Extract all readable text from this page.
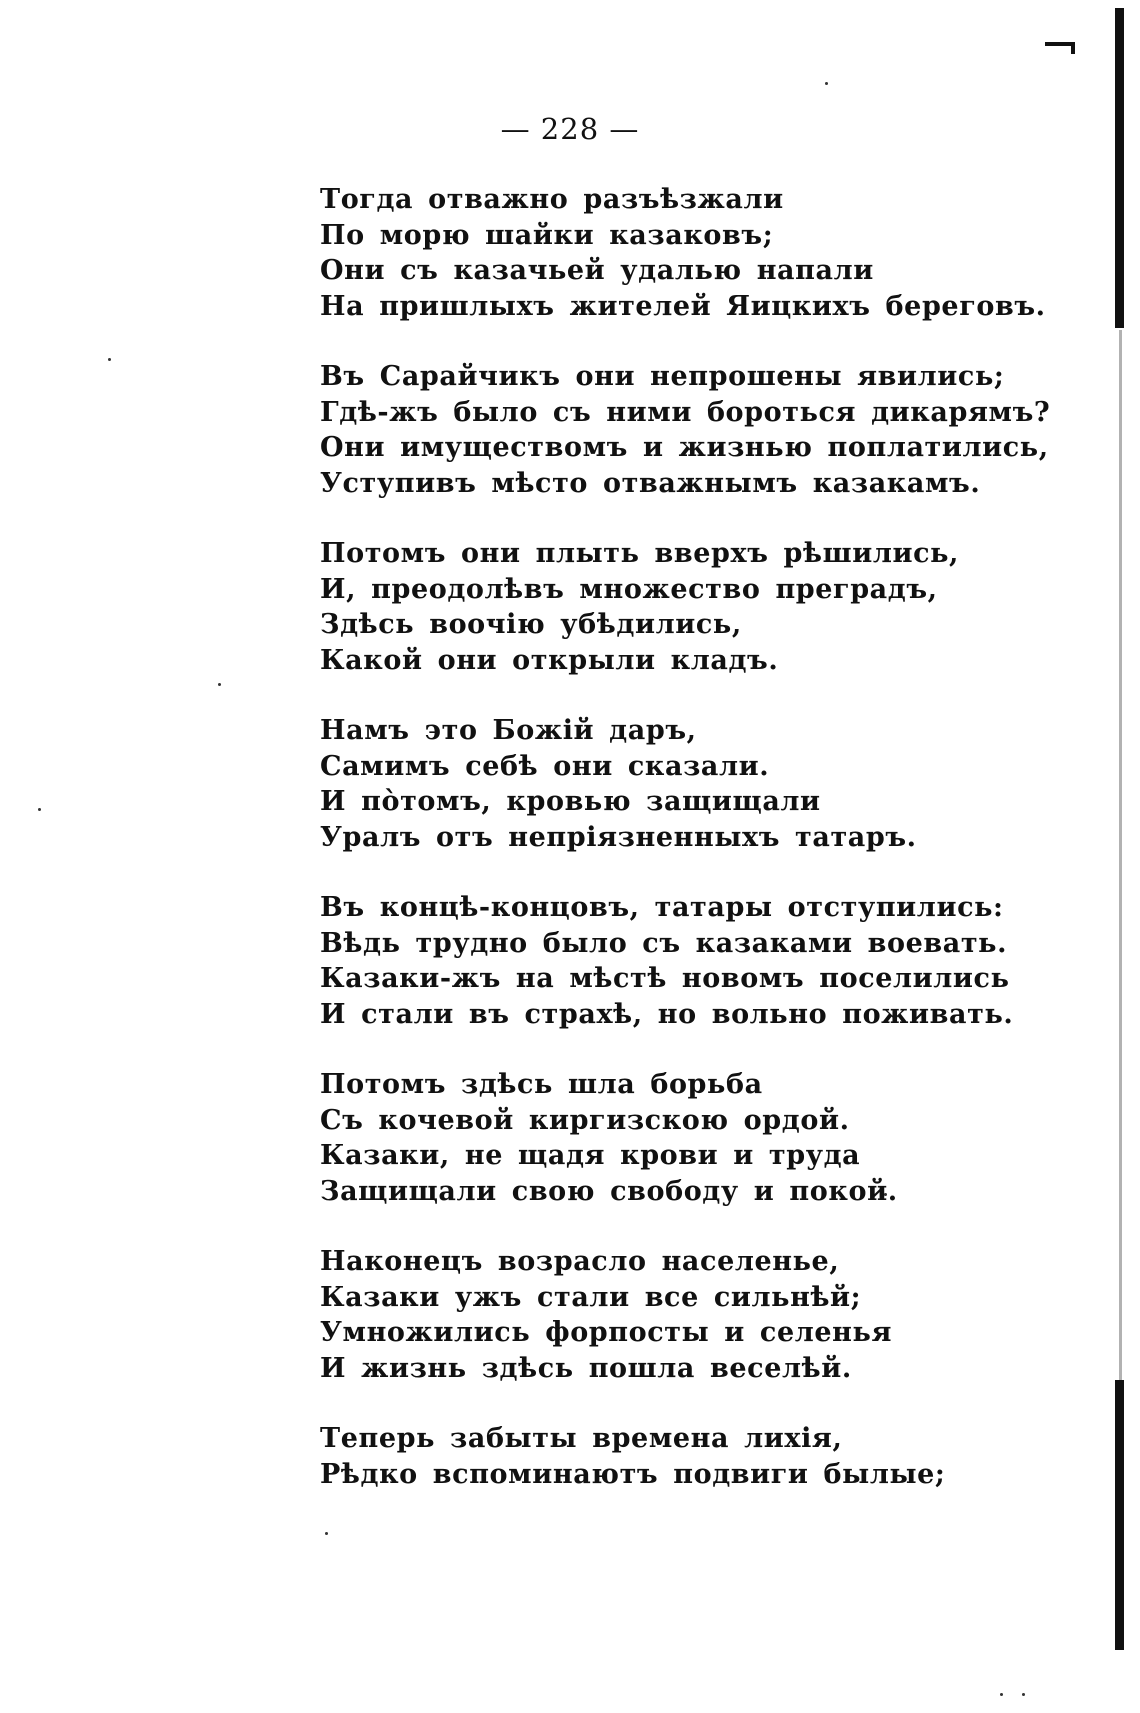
— 228 —
Тогда отважно разъѣзжали
По морю шайки казаковъ;
Они съ казачьей удалью напали
На пришлыхъ жителей Яицкихъ береговъ.
Въ Сарайчикъ они непрошены явились;
Гдѣ-жъ было съ ними бороться дикарямъ?
Они имуществомъ и жизнью поплатились,
Уступивъ мѣсто отважнымъ казакамъ.
Потомъ они плыть вверхъ рѣшились,
И, преодолѣвъ множество преградъ,
Здѣсь воочію убѣдились,
Какой они открыли кладъ.
Намъ это Божій даръ,
Самимъ себѣ они сказали.
И пòтомъ, кровью защищали
Уралъ отъ непріязненныхъ татаръ.
Въ концѣ-концовъ, татары отступились:
Вѣдь трудно было съ казаками воевать.
Казаки-жъ на мѣстѣ новомъ поселились
И стали въ страхѣ, но вольно поживать.
Потомъ здѣсь шла борьба
Съ кочевой киргизскою ордой.
Казаки, не щадя крови и труда
Защищали свою свободу и покой.
Наконецъ возрасло населенье,
Казаки ужъ стали все сильнѣй;
Умножились форпосты и селенья
И жизнь здѣсь пошла веселѣй.
Теперь забыты времена лихія,
Рѣдко вспоминаютъ подвиги былые;
